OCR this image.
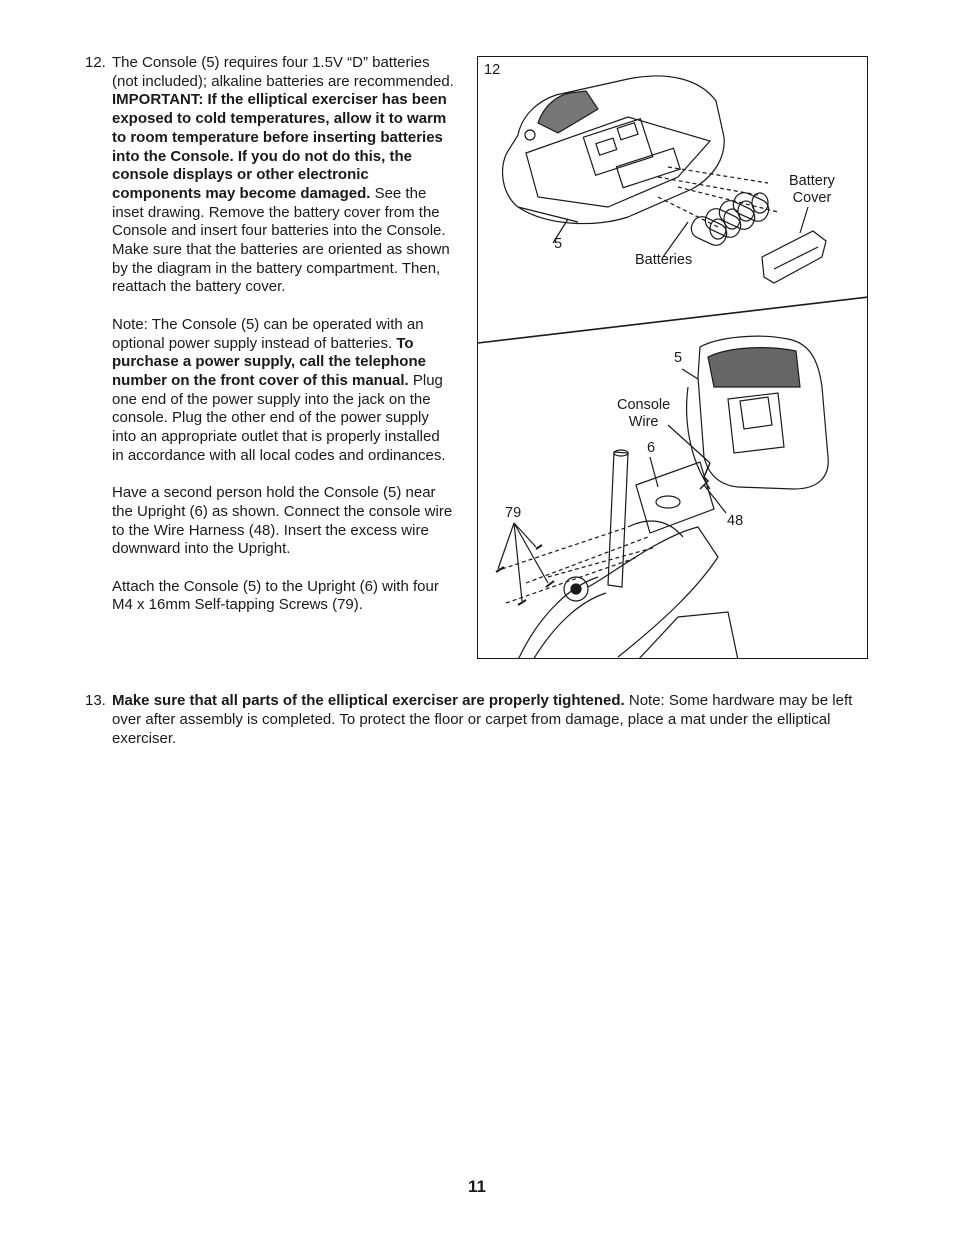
12. The Console (5) requires four 1.5V “D” batteries (not included); alkaline batteries are recommended. IMPORTANT: If the elliptical exerciser has been exposed to cold temperatures, allow it to warm to room temperature before inserting batteries into the Console. If you do not do this, the console displays or other electronic components may become damaged. See the inset drawing. Remove the battery cover from the Console and insert four batteries into the Console. Make sure that the batteries are oriented as shown by the diagram in the battery compartment. Then, reattach the battery cover.

Note: The Console (5) can be operated with an optional power supply instead of batteries. To purchase a power supply, call the telephone number on the front cover of this manual. Plug one end of the power supply into the jack on the console. Plug the other end of the power supply into an appropriate outlet that is properly installed in accordance with all local codes and ordinances.

Have a second person hold the Console (5) near the Upright (6) as shown. Connect the console wire to the Wire Harness (48). Insert the excess wire downward into the Upright.

Attach the Console (5) to the Upright (6) with four M4 x 16mm Self-tapping Screws (79).

12
Battery
Cover
Batteries
5
5
Console
Wire
6
79	48
13. Make sure that all parts of the elliptical exerciser are properly tightened. Note: Some hardware may be left over after assembly is completed. To protect the floor or carpet from damage, place a mat under the elliptical exerciser.
11
